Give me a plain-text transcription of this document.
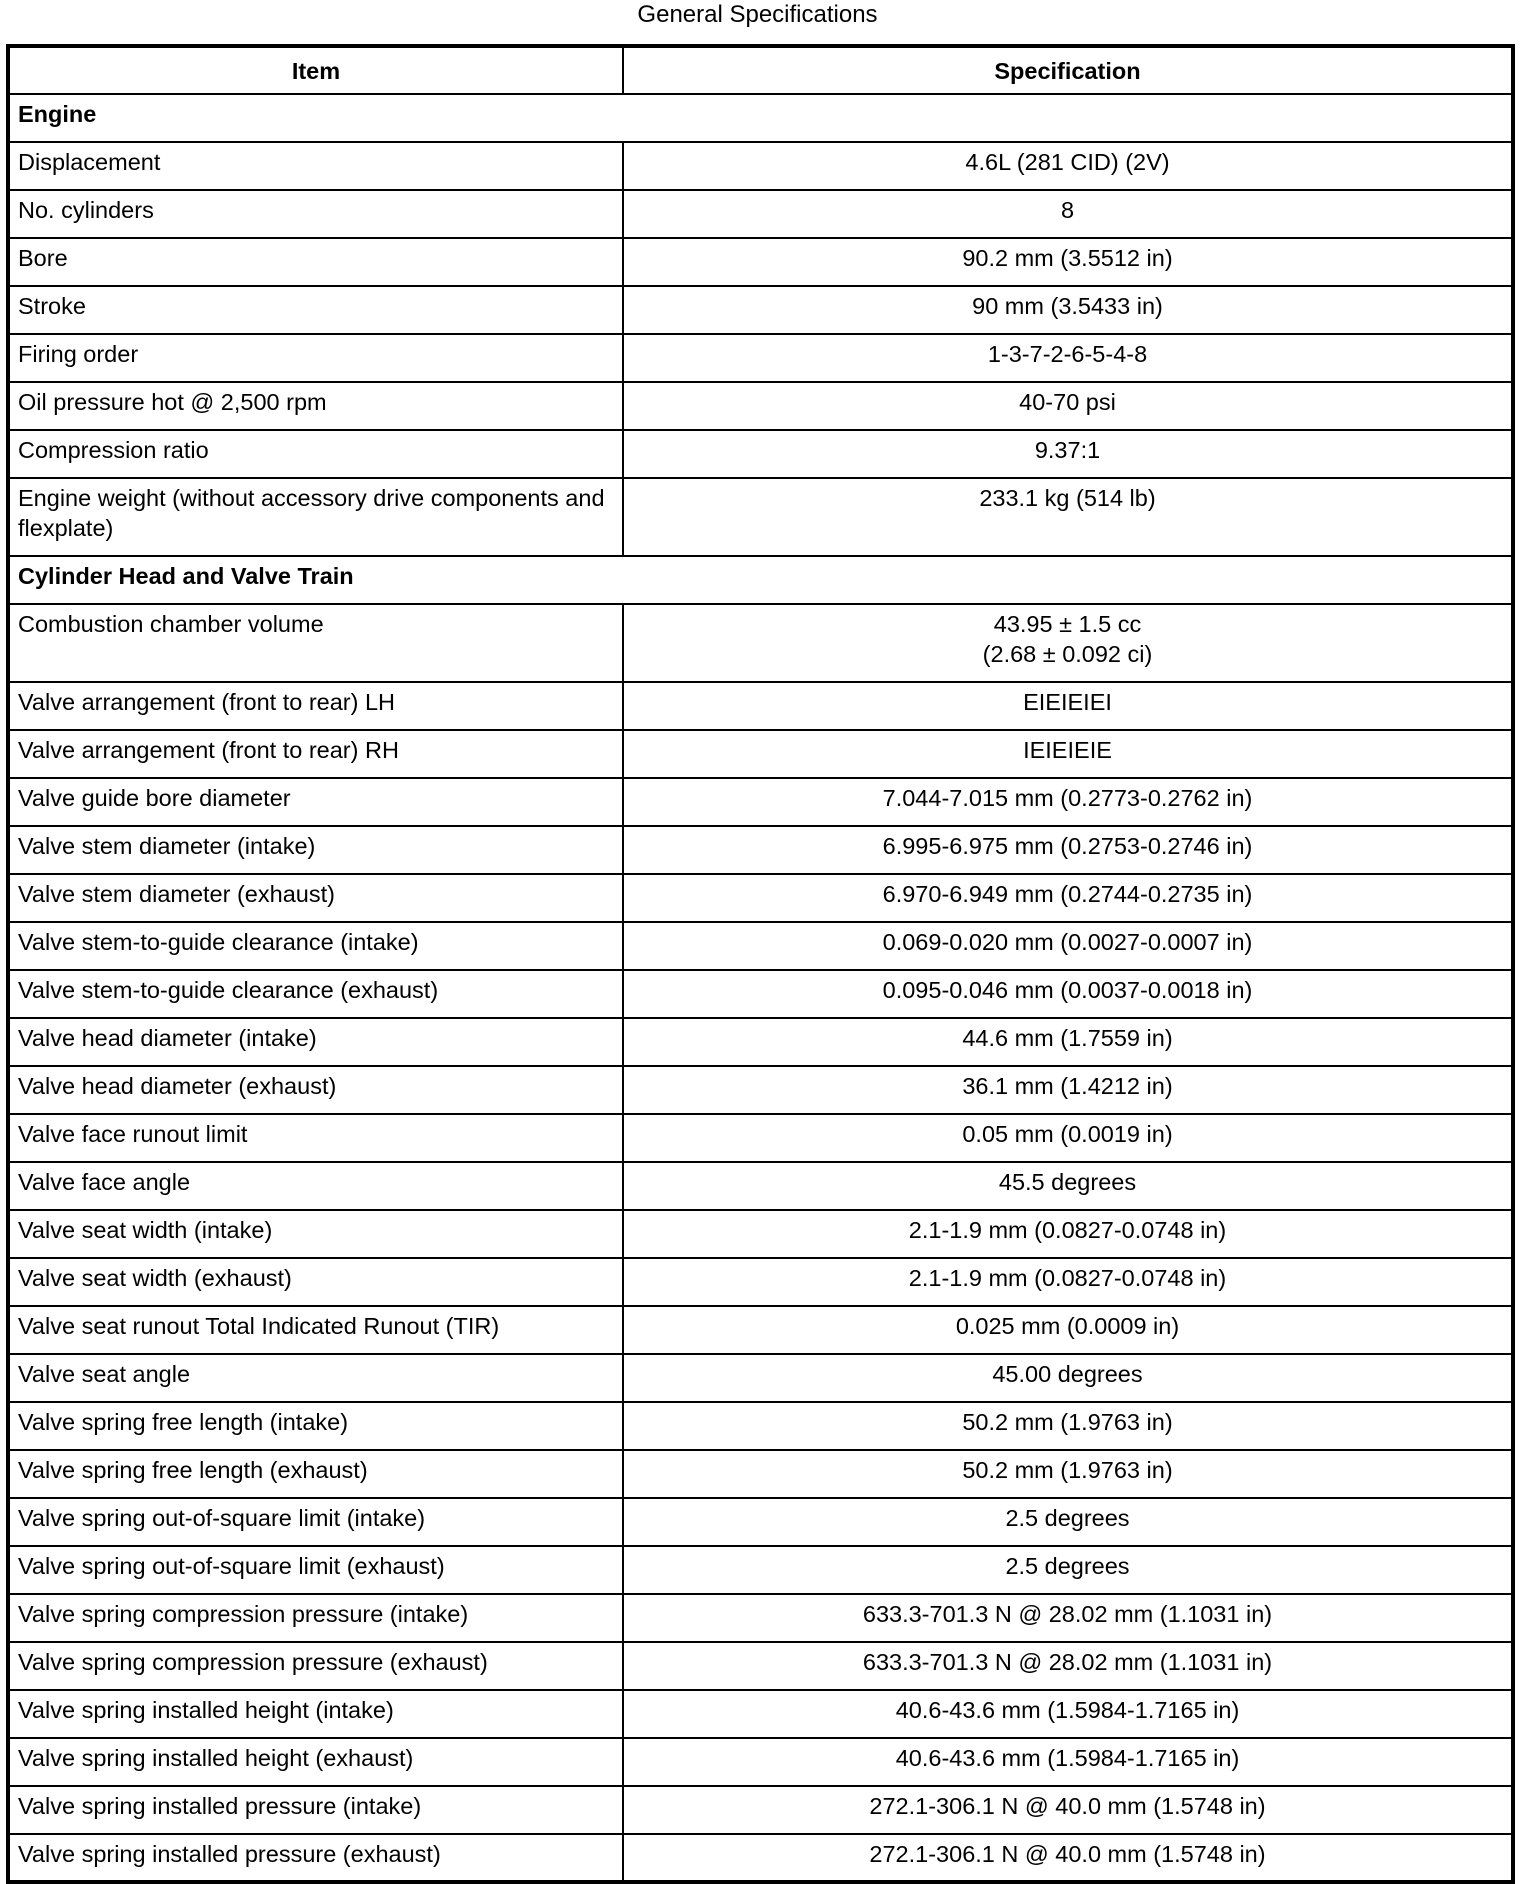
General Specifications
Item	Specification
Engine	
Displacement	4.6L (281 CID) (2V)
No. cylinders	8
Bore	90.2 mm (3.5512 in)
Stroke	90 mm (3.5433 in)
Firing order	1-3-7-2-6-5-4-8
Oil pressure hot @ 2,500 rpm	40-70 psi
Compression ratio	9.37:1
Engine weight (without accessory drive components and flexplate)	233.1 kg (514 lb)
Cylinder Head and Valve Train	
Combustion chamber volume	43.95 ± 1.5 cc
(2.68 ± 0.092 ci)
Valve arrangement (front to rear) LH	EIEIEIEI
Valve arrangement (front to rear) RH	IEIEIEIE
Valve guide bore diameter	7.044-7.015 mm (0.2773-0.2762 in)
Valve stem diameter (intake)	6.995-6.975 mm (0.2753-0.2746 in)
Valve stem diameter (exhaust)	6.970-6.949 mm (0.2744-0.2735 in)
Valve stem-to-guide clearance (intake)	0.069-0.020 mm (0.0027-0.0007 in)
Valve stem-to-guide clearance (exhaust)	0.095-0.046 mm (0.0037-0.0018 in)
Valve head diameter (intake)	44.6 mm (1.7559 in)
Valve head diameter (exhaust)	36.1 mm (1.4212 in)
Valve face runout limit	0.05 mm (0.0019 in)
Valve face angle	45.5 degrees
Valve seat width (intake)	2.1-1.9 mm (0.0827-0.0748 in)
Valve seat width (exhaust)	2.1-1.9 mm (0.0827-0.0748 in)
Valve seat runout Total Indicated Runout (TIR)	0.025 mm (0.0009 in)
Valve seat angle	45.00 degrees
Valve spring free length (intake)	50.2 mm (1.9763 in)
Valve spring free length (exhaust)	50.2 mm (1.9763 in)
Valve spring out-of-square limit (intake)	2.5 degrees
Valve spring out-of-square limit (exhaust)	2.5 degrees
Valve spring compression pressure (intake)	633.3-701.3 N @ 28.02 mm (1.1031 in)
Valve spring compression pressure (exhaust)	633.3-701.3 N @ 28.02 mm (1.1031 in)
Valve spring installed height (intake)	40.6-43.6 mm (1.5984-1.7165 in)
Valve spring installed height (exhaust)	40.6-43.6 mm (1.5984-1.7165 in)
Valve spring installed pressure (intake)	272.1-306.1 N @ 40.0 mm (1.5748 in)
Valve spring installed pressure (exhaust)	272.1-306.1 N @ 40.0 mm (1.5748 in)
